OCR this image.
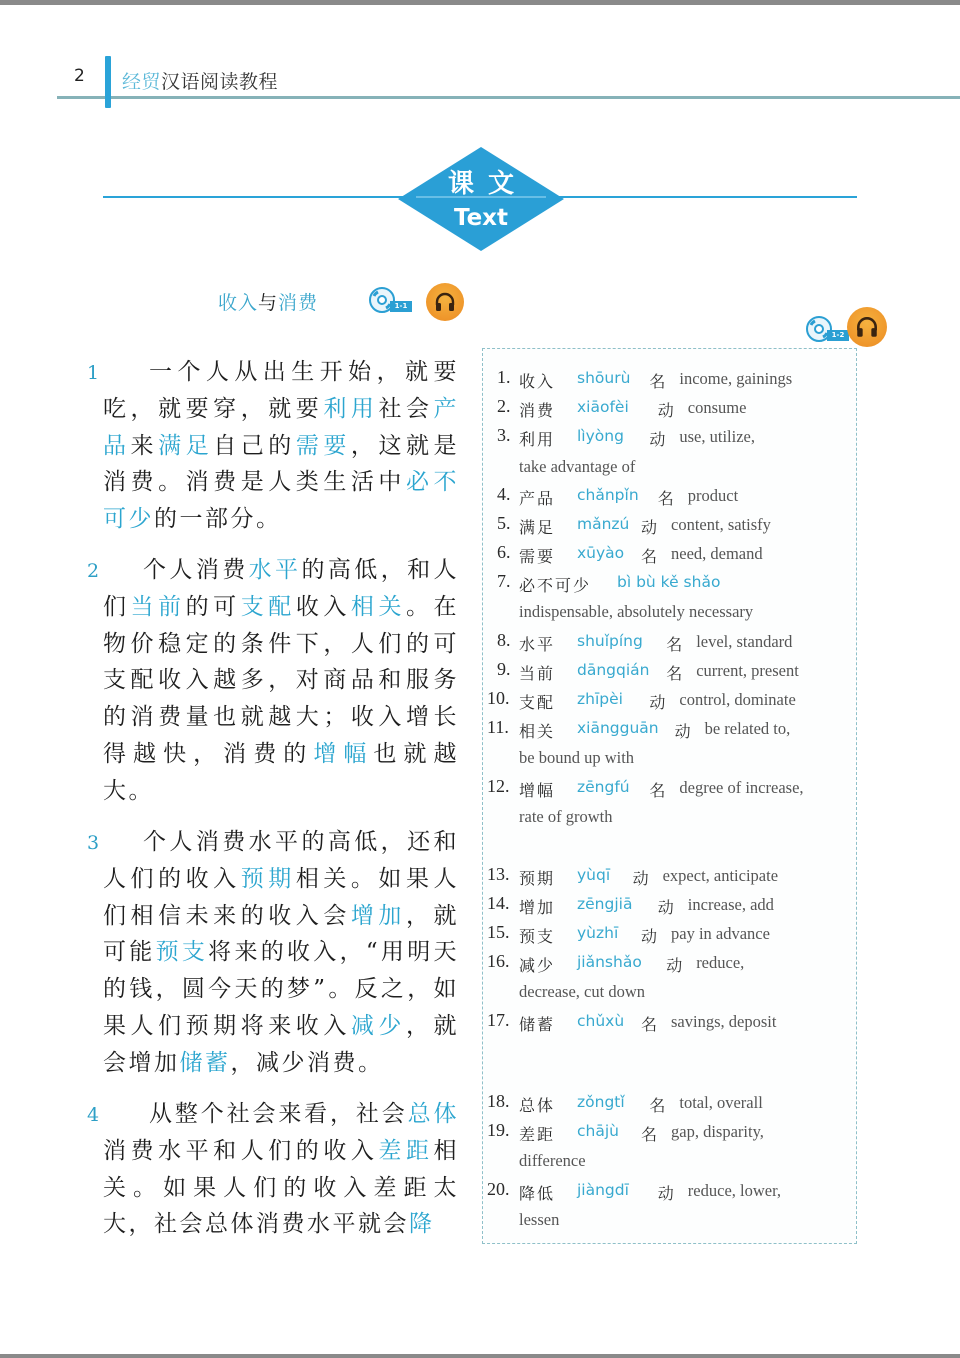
2 经贸汉语阅读教程
课文
Text
收入与消费	1-1
1-2
1	一个人从出生开始，就要吃，就要穿，就要利用社会产品来满足自己的需要，这就是消费。消费是人类生活中必不可少的一部分。
2	个人消费水平的高低，和人们当前的可支配收入相关。在物价稳定的条件下，人们的可支配收入越多，对商品和服务的消费量也就越大；收入增长得越快，消费的增幅也就越大。
3	个人消费水平的高低，还和人们的收入预期相关。如果人们相信未来的收入会增加，就可能预支将来的收入，“用明天的钱，圆今天的梦”。反之，如果人们预期将来收入减少，就会增加储蓄，减少消费。
4	从整个社会来看，社会总体消费水平和人们的收入差距相关。如果人们的收入差距太大，社会总体消费水平就会降
1. 收入 shōurù 名 income, gainings
2. 消费 xiāofèi 动 consume
3. 利用 lìyòng 动 use, utilize,
take advantage of
4. 产品 chǎnpǐn 名 product
5. 满足 mǎnzú 动 content, satisfy
6. 需要 xūyào 名 need, demand
7. 必不可少 bì bù kě shǎo
indispensable, absolutely necessary
8. 水平 shuǐpíng 名 level, standard
9. 当前 dāngqián 名 current, present
10. 支配 zhīpèi 动 control, dominate
11. 相关 xiāngguān 动 be related to,
be bound up with
12. 增幅 zēngfú 名 degree of increase,
rate of growth
13. 预期 yùqī 动 expect, anticipate
14. 增加 zēngjiā 动 increase, add
15. 预支 yùzhī 动 pay in advance
16. 减少 jiǎnshǎo 动 reduce,
decrease, cut down
17. 储蓄 chǔxù 名 savings, deposit
18. 总体 zǒngtǐ 名 total, overall
19. 差距 chājù 名 gap, disparity,
difference
20. 降低 jiàngdī 动 reduce, lower,
lessen
